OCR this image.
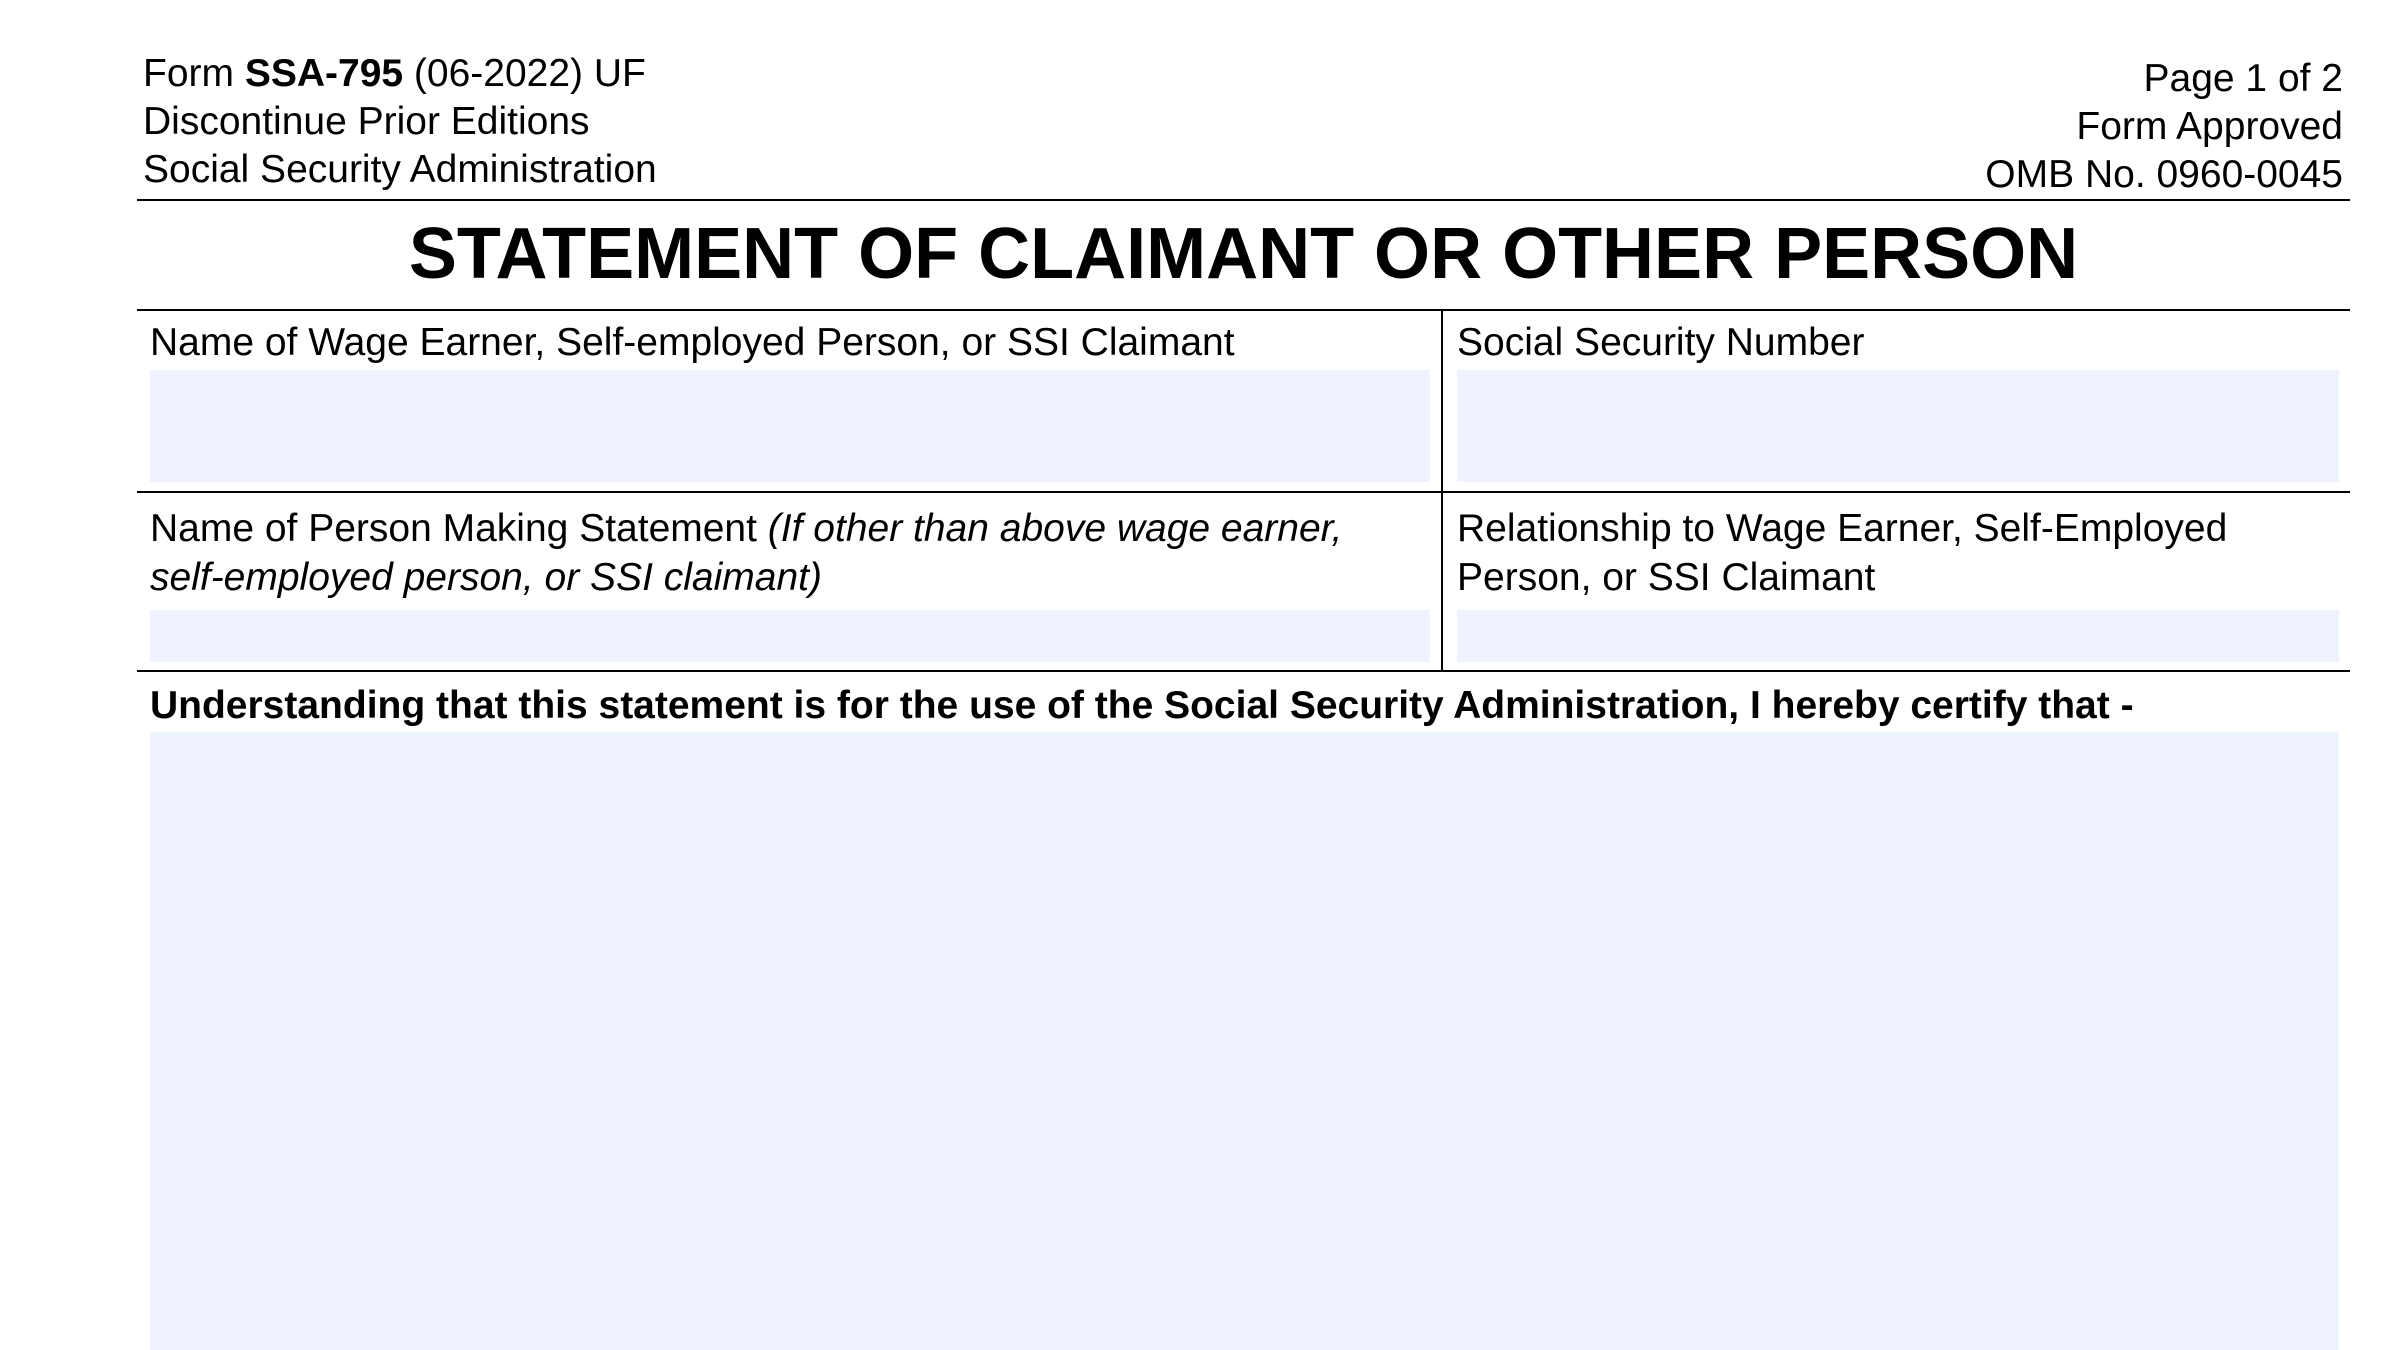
Form SSA-795 (06-2022) UF
Discontinue Prior Editions
Social Security Administration
Page 1 of 2
Form Approved
OMB No. 0960-0045
STATEMENT OF CLAIMANT OR OTHER PERSON
Name of Wage Earner, Self-employed Person, or SSI Claimant	Social Security Number
Name of Person Making Statement (If other than above wage earner,
self-employed person, or SSI claimant)
Relationship to Wage Earner, Self-Employed
Person, or SSI Claimant
Understanding that this statement is for the use of the Social Security Administration, I hereby certify that -
